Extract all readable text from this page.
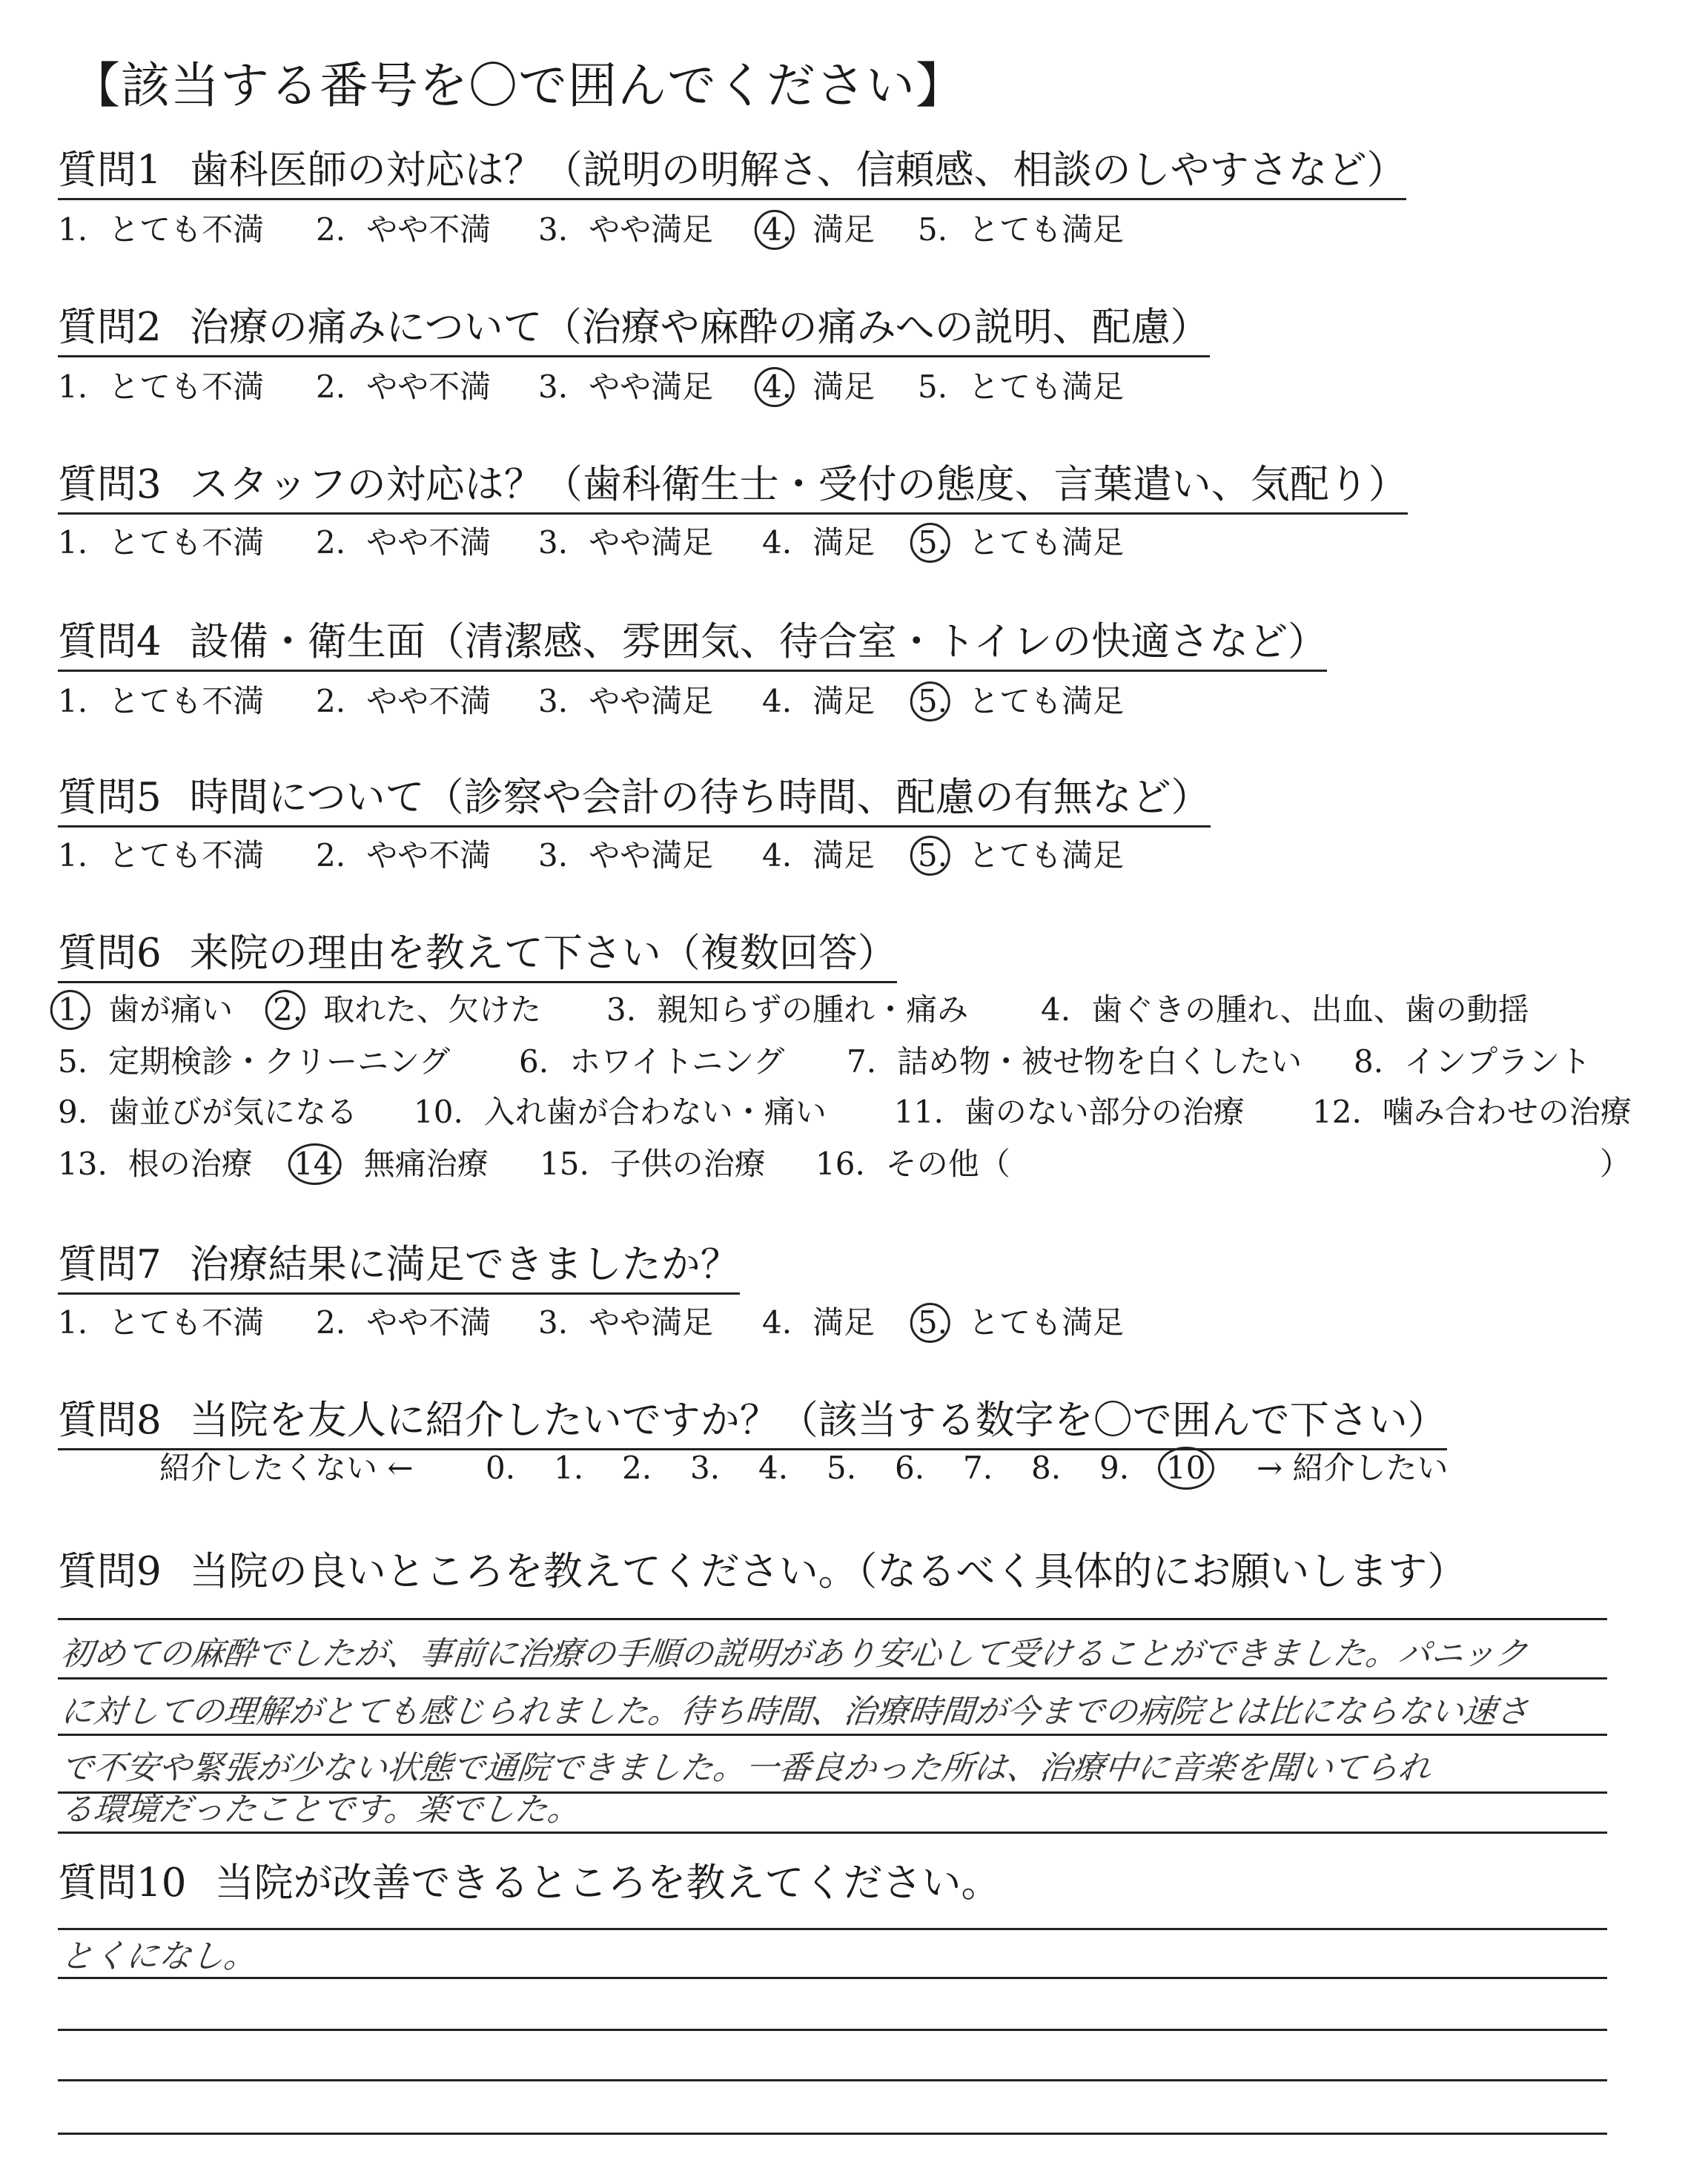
【該当する番号を〇で囲んでください】
質問1 歯科医師の対応は？（説明の明解さ、信頼感、相談のしやすさなど）
1. とても不満 2. やや不満 3. やや満足 4. 満足 5. とても満足
質問2 治療の痛みについて（治療や麻酔の痛みへの説明、配慮）
1. とても不満 2. やや不満 3. やや満足 4. 満足 5. とても満足
質問3 スタッフの対応は？（歯科衛生士・受付の態度、言葉遣い、気配り）
1. とても不満 2. やや不満 3. やや満足 4. 満足 5. とても満足
質問4 設備・衛生面（清潔感、雰囲気、待合室・トイレの快適さなど）
1. とても不満 2. やや不満 3. やや満足 4. 満足 5. とても満足
質問5 時間について（診察や会計の待ち時間、配慮の有無など）
1. とても不満 2. やや不満 3. やや満足 4. 満足 5. とても満足
質問6 来院の理由を教えて下さい（複数回答）
1. 歯が痛い 2. 取れた、欠けた 3. 親知らずの腫れ・痛み 4. 歯ぐきの腫れ、出血、歯の動揺
5. 定期検診・クリーニング 6. ホワイトニング 7. 詰め物・被せ物を白くしたい 8. インプラント
9. 歯並びが気になる 10. 入れ歯が合わない・痛い 11. 歯のない部分の治療 12. 噛み合わせの治療
13. 根の治療 14. 無痛治療 15. 子供の治療 16. その他（	）
質問7 治療結果に満足できましたか？
1. とても不満 2. やや不満 3. やや満足 4. 満足 5. とても満足
質問8 当院を友人に紹介したいですか？（該当する数字を〇で囲んで下さい）
紹介したくない ← 0. 1. 2. 3. 4. 5. 6. 7. 8. 9. 10 → 紹介したい
質問9 当院の良いところを教えてください。（なるべく具体的にお願いします）
初めての麻酔でしたが、事前に治療の手順の説明があり安心して受けることができました。パニック
に対しての理解がとても感じられました。待ち時間、治療時間が今までの病院とは比にならない速さ
で不安や緊張が少ない状態で通院できました。一番良かった所は、治療中に音楽を聞いてられ
る環境だったことです。楽でした。
質問10 当院が改善できるところを教えてください。
とくになし。
